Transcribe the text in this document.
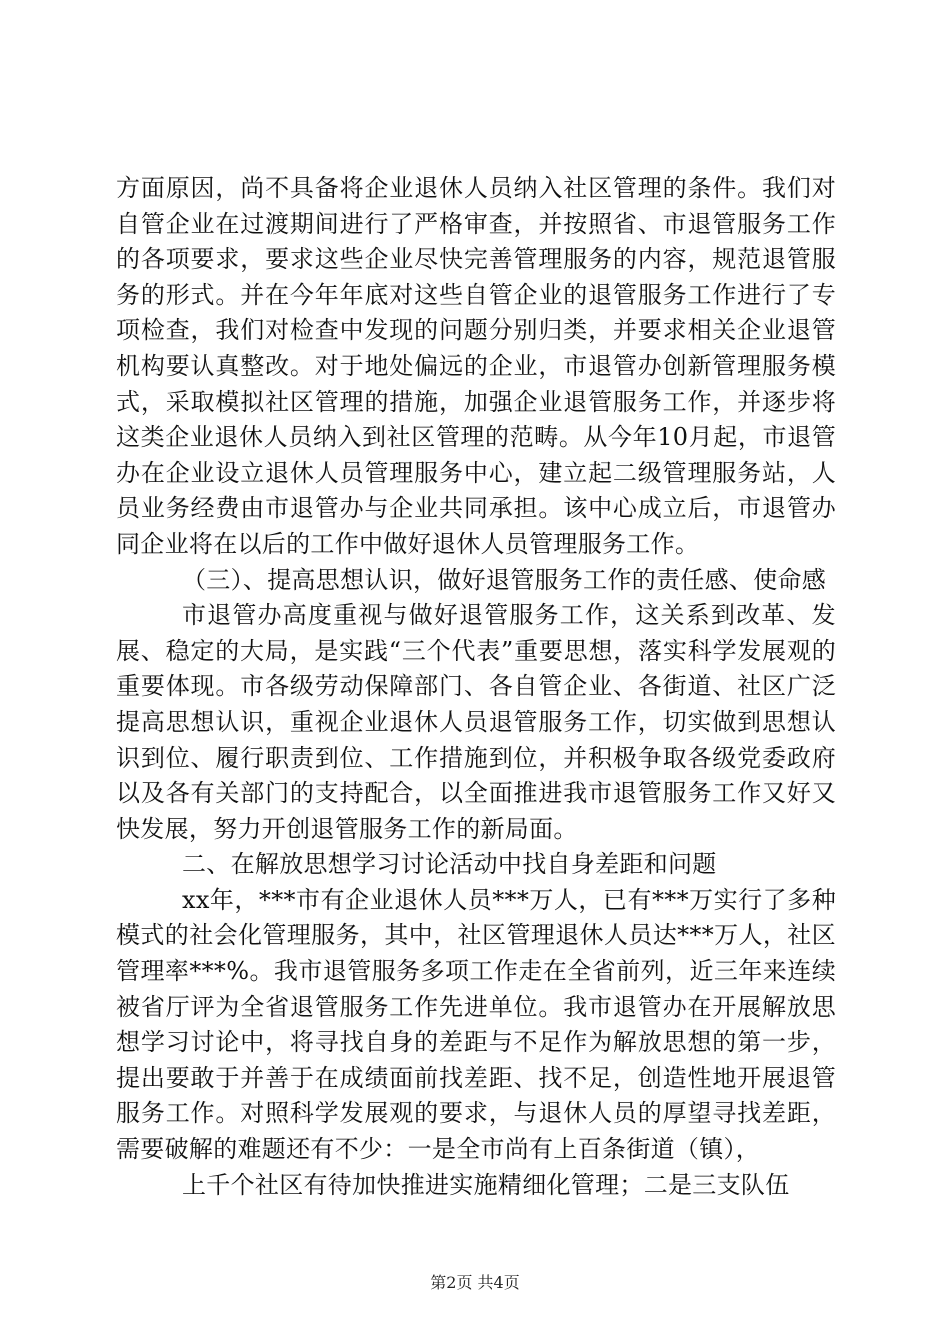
方面原因，尚不具备将企业退休人员纳入社区管理的条件。我们对自管企业在过渡期间进行了严格审查，并按照省、市退管服务工作的各项要求，要求这些企业尽快完善管理服务的内容，规范退管服务的形式。并在今年年底对这些自管企业的退管服务工作进行了专项检查，我们对检查中发现的问题分别归类，并要求相关企业退管机构要认真整改。对于地处偏远的企业，市退管办创新管理服务模式，采取模拟社区管理的措施，加强企业退管服务工作，并逐步将这类企业退休人员纳入到社区管理的范畴。从今年10月起，市退管办在企业设立退休人员管理服务中心，建立起二级管理服务站，人员业务经费由市退管办与企业共同承担。该中心成立后，市退管办同企业将在以后的工作中做好退休人员管理服务工作。

（三）、提高思想认识，做好退管服务工作的责任感、使命感

市退管办高度重视与做好退管服务工作，这关系到改革、发展、稳定的大局，是实践“三个代表”重要思想，落实科学发展观的重要体现。市各级劳动保障部门、各自管企业、各街道、社区广泛提高思想认识，重视企业退休人员退管服务工作，切实做到思想认识到位、履行职责到位、工作措施到位，并积极争取各级党委政府以及各有关部门的支持配合，以全面推进我市退管服务工作又好又快发展，努力开创退管服务工作的新局面。

二、在解放思想学习讨论活动中找自身差距和问题

xx年，***市有企业退休人员***万人，已有***万实行了多种模式的社会化管理服务，其中，社区管理退休人员达***万人，社区管理率***%。我市退管服务多项工作走在全省前列，近三年来连续被省厅评为全省退管服务工作先进单位。我市退管办在开展解放思想学习讨论中，将寻找自身的差距与不足作为解放思想的第一步，提出要敢于并善于在成绩面前找差距、找不足，创造性地开展退管服务工作。对照科学发展观的要求，与退休人员的厚望寻找差距，需要破解的难题还有不少：一是全市尚有上百条街道（镇），

上千个社区有待加快推进实施精细化管理；二是三支队伍

第2页 共4页
